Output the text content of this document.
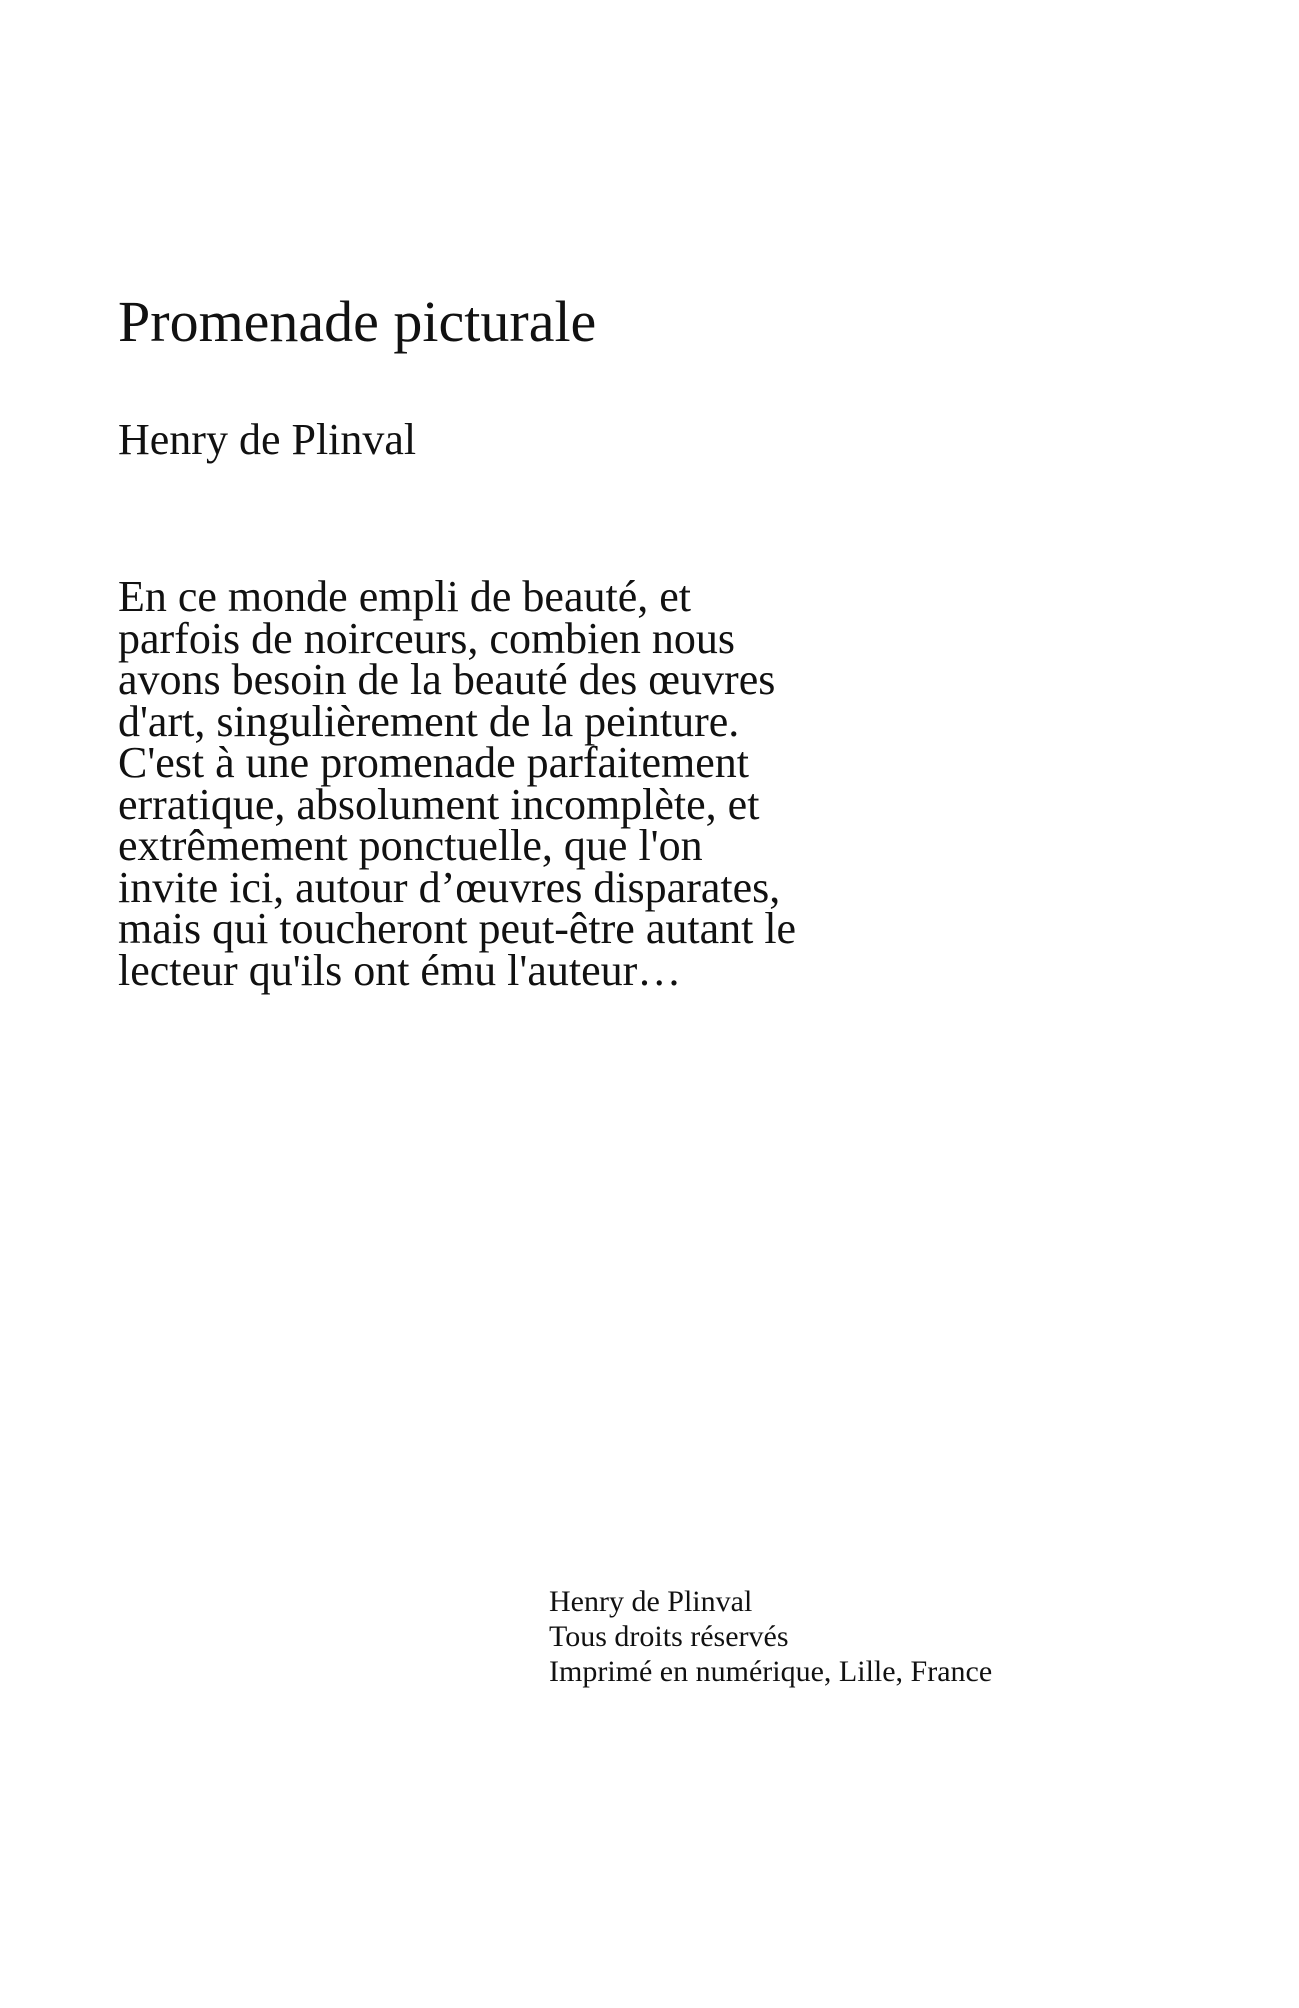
Promenade picturale
Henry de Plinval
En ce monde empli de beauté, et
parfois de noirceurs, combien nous
avons besoin de la beauté des œuvres
d'art, singulièrement de la peinture.
C'est à une promenade parfaitement
erratique, absolument incomplète, et
extrêmement ponctuelle, que l'on
invite ici, autour d’œuvres disparates,
mais qui toucheront peut-être autant le
lecteur qu'ils ont ému l'auteur…
Henry de Plinval
Tous droits réservés
Imprimé en numérique, Lille, France
